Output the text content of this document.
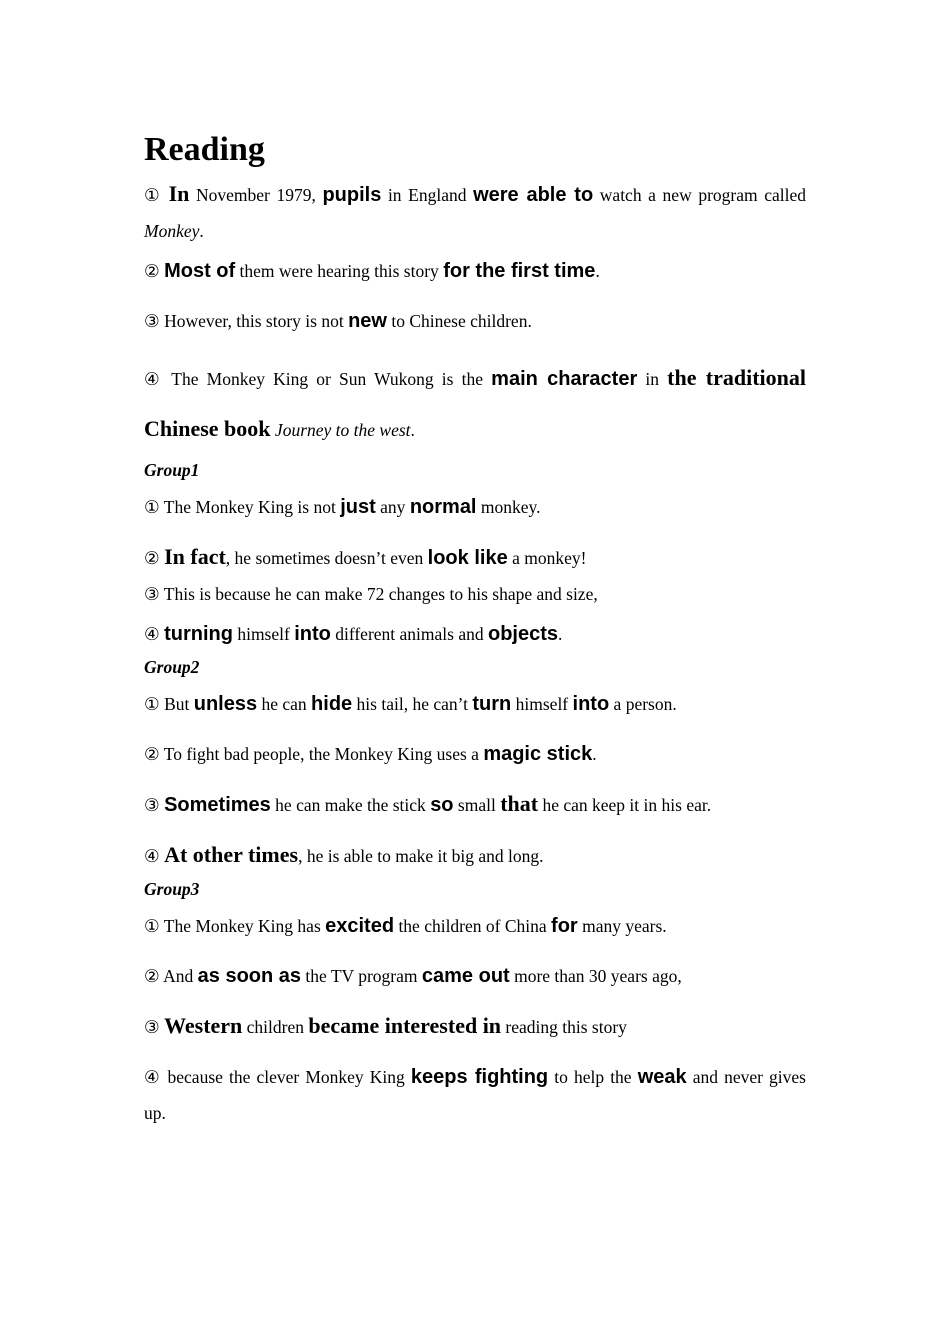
Reading

① In November 1979, pupils in England were able to watch a new program called Monkey.

② Most of them were hearing this story for the first time.

③ However, this story is not new to Chinese children.

④ The Monkey King or Sun Wukong is the main character in the traditional Chinese book Journey to the west.

Group1

① The Monkey King is not just any normal monkey.

② In fact, he sometimes doesn’t even look like a monkey!

③ This is because he can make 72 changes to his shape and size,

④ turning himself into different animals and objects.

Group2

① But unless he can hide his tail, he can’t turn himself into a person.

② To fight bad people, the Monkey King uses a magic stick.

③ Sometimes he can make the stick so small that he can keep it in his ear.

④ At other times, he is able to make it big and long.

Group3

① The Monkey King has excited the children of China for many years.

② And as soon as the TV program came out more than 30 years ago,

③ Western children became interested in reading this story

④ because the clever Monkey King keeps fighting to help the weak and never gives up.
